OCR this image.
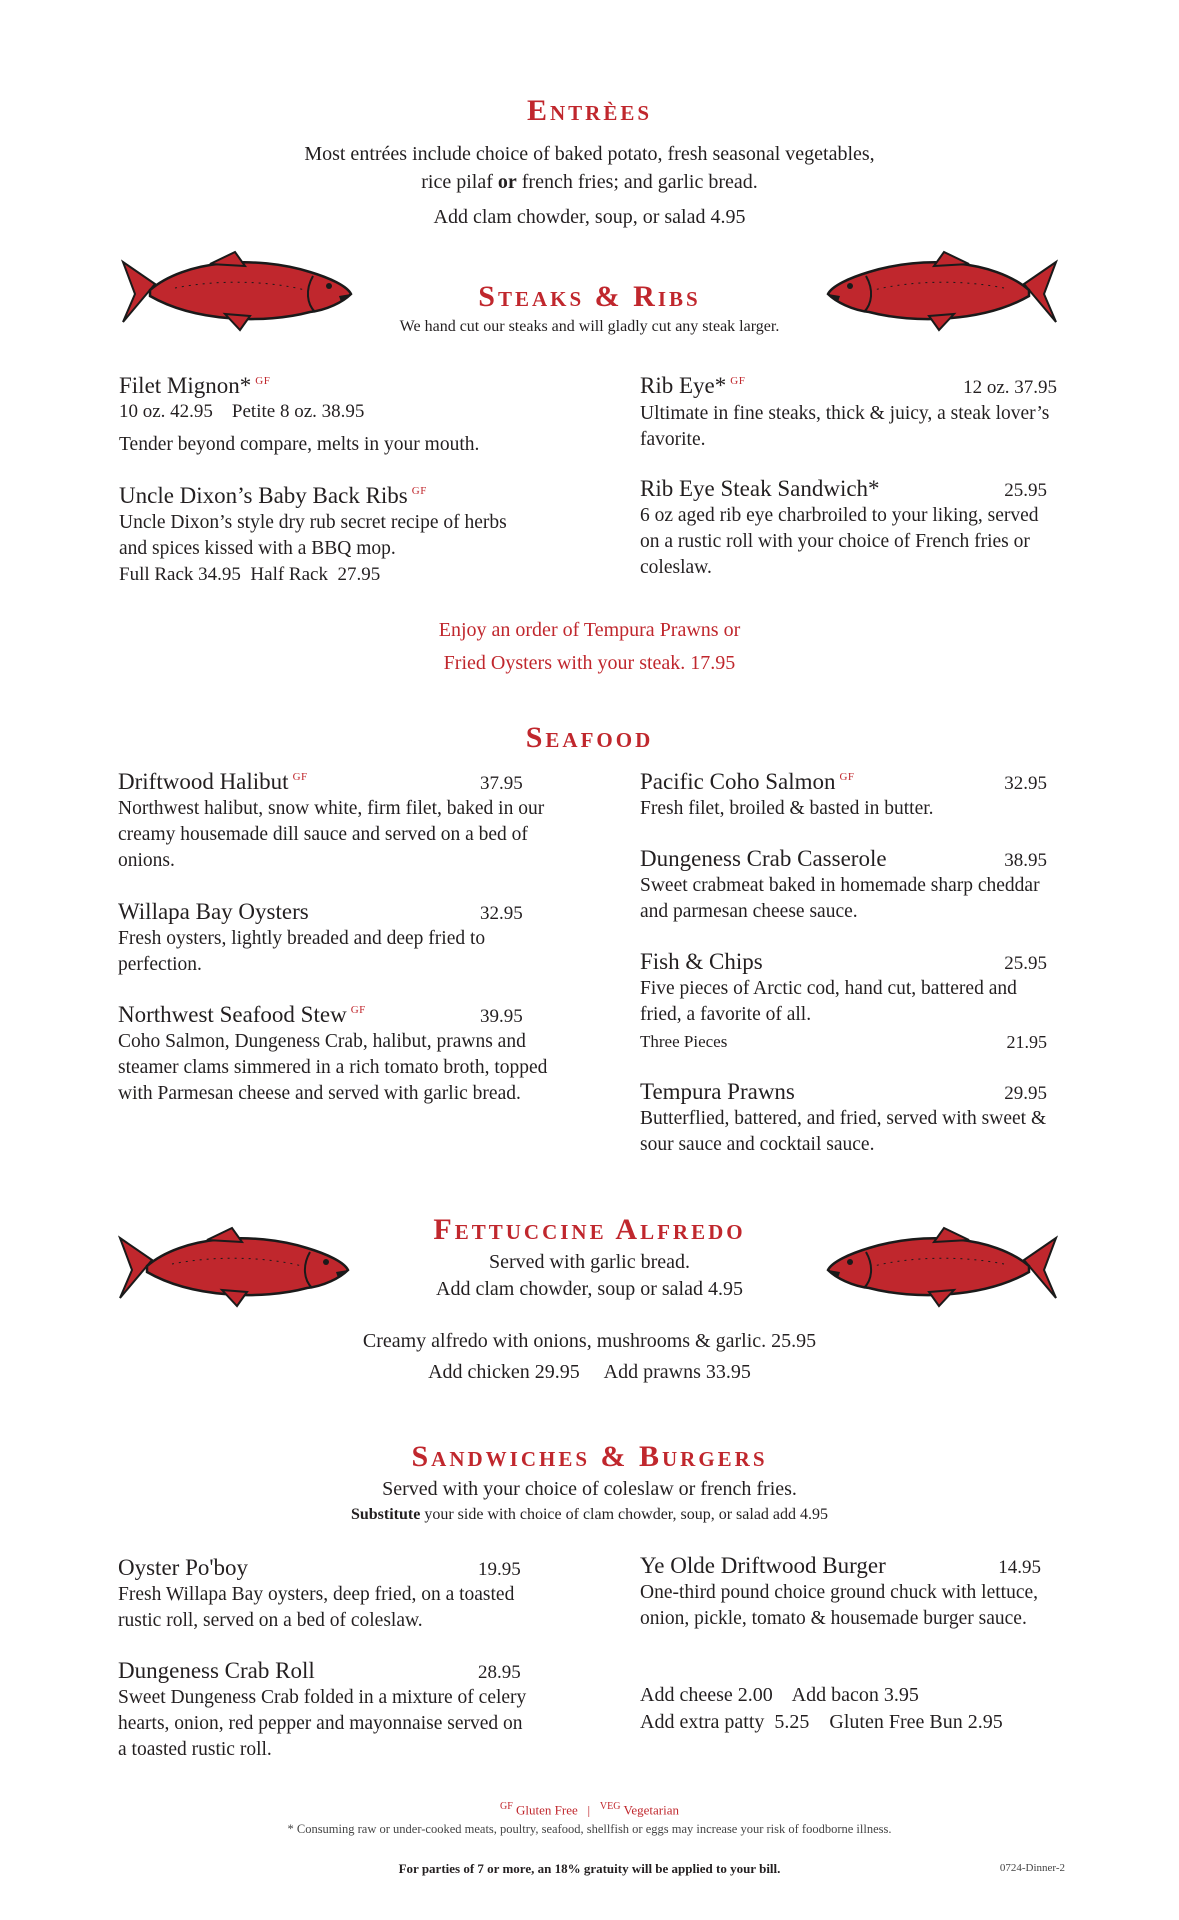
Entrèes
Most entrées include choice of baked potato, fresh seasonal vegetables,
rice pilaf or french fries; and garlic bread.
Add clam chowder, soup, or salad 4.95
Steaks & Ribs
We hand cut our steaks and will gladly cut any steak larger.
Filet Mignon* $^{GF}$
10 oz. 42.95    Petite 8 oz. 38.95
Tender beyond compare, melts in your mouth.
Uncle Dixon’s Baby Back Ribs $^{GF}$
Uncle Dixon’s style dry rub secret recipe of herbs and spices kissed with a BBQ mop.
Full Rack 34.95  Half Rack  27.95
Rib Eye* $^{GF}$	12 oz. 37.95
Ultimate in fine steaks, thick & juicy, a steak lover’s favorite.
Rib Eye Steak Sandwich*	25.95
6 oz aged rib eye charbroiled to your liking, served on a rustic roll with your choice of French fries or coleslaw.
Enjoy an order of Tempura Prawns or
Fried Oysters with your steak. 17.95
Seafood
Driftwood Halibut $^{GF}$	37.95
Northwest halibut, snow white, firm filet, baked in our creamy housemade dill sauce and served on a bed of onions.
Willapa Bay Oysters	32.95
Fresh oysters, lightly breaded and deep fried to perfection.
Northwest Seafood Stew $^{GF}$	39.95
Coho Salmon, Dungeness Crab, halibut, prawns and steamer clams simmered in a rich tomato broth, topped with Parmesan cheese and served with garlic bread.
Pacific Coho Salmon $^{GF}$	32.95
Fresh filet, broiled & basted in butter.
Dungeness Crab Casserole	38.95
Sweet crabmeat baked in homemade sharp cheddar and parmesan cheese sauce.
Fish & Chips	25.95
Five pieces of Arctic cod, hand cut, battered and fried, a favorite of all.
Three Pieces	21.95
Tempura Prawns	29.95
Butterflied, battered, and fried, served with sweet & sour sauce and cocktail sauce.
Fettuccine Alfredo
Served with garlic bread.
Add clam chowder, soup or salad 4.95
Creamy alfredo with onions, mushrooms & garlic. 25.95
Add chicken 29.95 Add prawns 33.95
Sandwiches & Burgers
Served with your choice of coleslaw or french fries.
Substitute your side with choice of clam chowder, soup, or salad add 4.95
Oyster Po'boy	19.95
Fresh Willapa Bay oysters, deep fried, on a toasted rustic roll, served on a bed of coleslaw.
Dungeness Crab Roll	28.95
Sweet Dungeness Crab folded in a mixture of celery hearts, onion, red pepper and mayonnaise served on a toasted rustic roll.
Ye Olde Driftwood Burger	14.95
One-third pound choice ground chuck with lettuce, onion, pickle, tomato & housemade burger sauce.
Add cheese 2.00    Add bacon 3.95
Add extra patty  5.25    Gluten Free Bun 2.95
$^{GF}$ Gluten Free | $^{VEG}$ Vegetarian
* Consuming raw or under-cooked meats, poultry, seafood, shellfish or eggs may increase your risk of foodborne illness.
For parties of 7 or more, an 18% gratuity will be applied to your bill.	0724-Dinner-2
